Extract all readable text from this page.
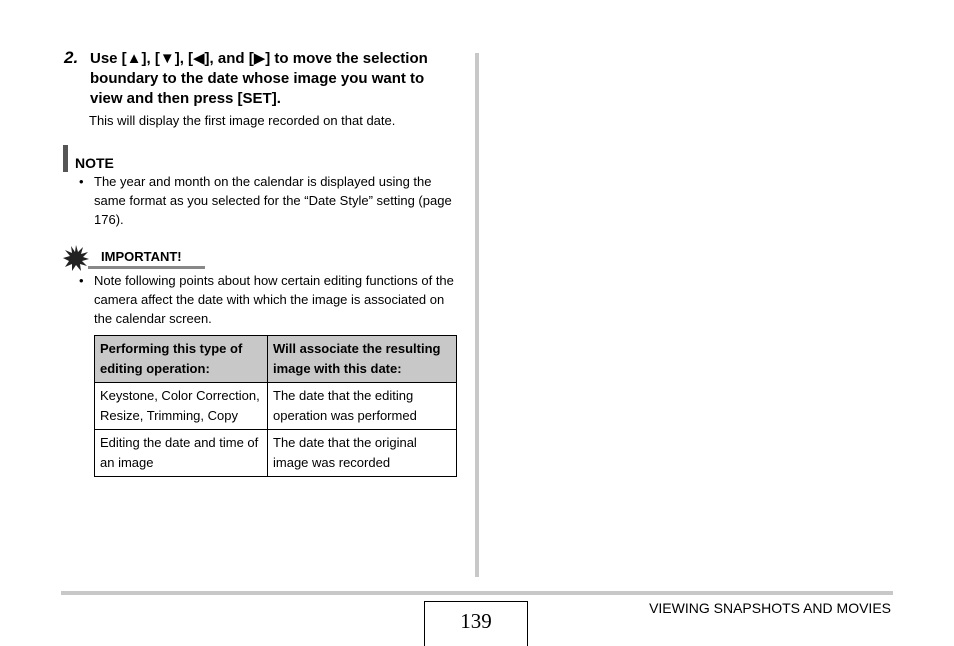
2. Use [▲], [▼], [◀], and [▶] to move the selection boundary to the date whose image you want to view and then press [SET].
This will display the first image recorded on that date.
NOTE
• The year and month on the calendar is displayed using the same format as you selected for the “Date Style” setting (page 176).
IMPORTANT!
• Note following points about how certain editing functions of the camera affect the date with which the image is associated on the calendar screen.
Performing this type of editing operation:	Will associate the resulting image with this date:
Keystone, Color Correction, Resize, Trimming, Copy	The date that the editing operation was performed
Editing the date and time of an image	The date that the original image was recorded
139
VIEWING SNAPSHOTS AND MOVIES
